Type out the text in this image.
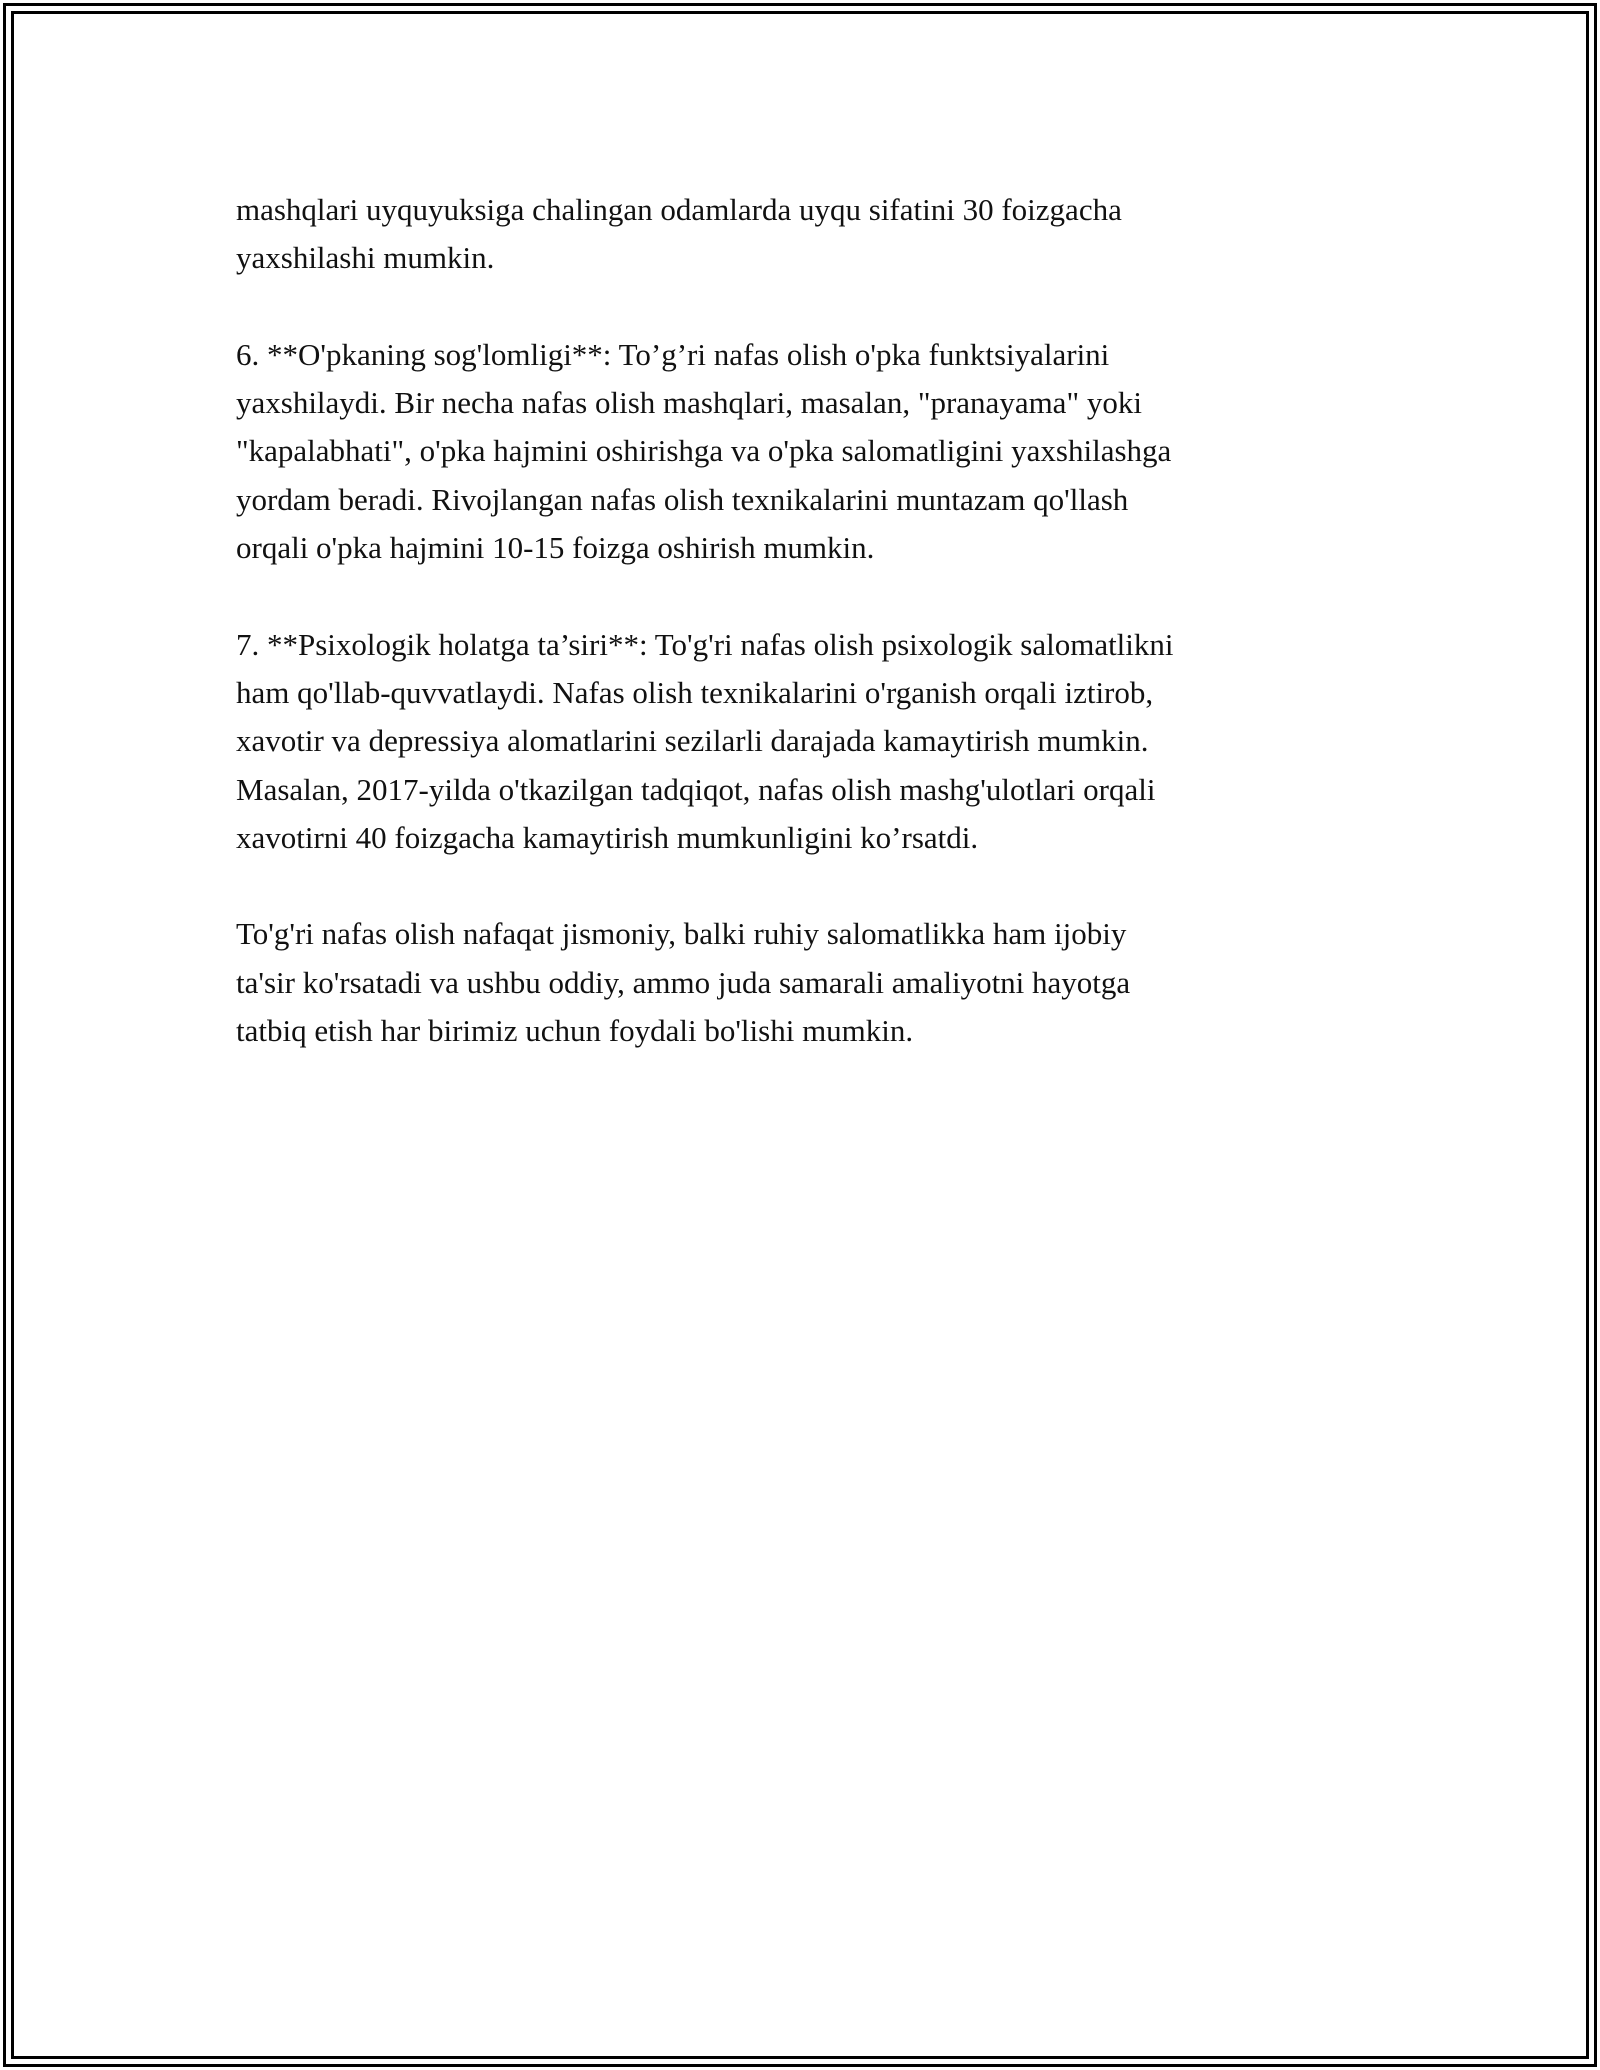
mashqlari uyquyuksiga chalingan odamlarda uyqu sifatini 30 foizgacha
yaxshilashi mumkin.

6. **O'pkaning sog'lomligi**: To’g’ri nafas olish o'pka funktsiyalarini
yaxshilaydi. Bir necha nafas olish mashqlari, masalan, "pranayama" yoki
"kapalabhati", o'pka hajmini oshirishga va o'pka salomatligini yaxshilashga
yordam beradi. Rivojlangan nafas olish texnikalarini muntazam qo'llash
orqali o'pka hajmini 10-15 foizga oshirish mumkin.

7. **Psixologik holatga ta’siri**: To'g'ri nafas olish psixologik salomatlikni
ham qo'llab-quvvatlaydi. Nafas olish texnikalarini o'rganish orqali iztirob,
xavotir va depressiya alomatlarini sezilarli darajada kamaytirish mumkin.
Masalan, 2017-yilda o'tkazilgan tadqiqot, nafas olish mashg'ulotlari orqali
xavotirni 40 foizgacha kamaytirish mumkunligini ko’rsatdi.

To'g'ri nafas olish nafaqat jismoniy, balki ruhiy salomatlikka ham ijobiy
ta'sir ko'rsatadi va ushbu oddiy, ammo juda samarali amaliyotni hayotga
tatbiq etish har birimiz uchun foydali bo'lishi mumkin.
